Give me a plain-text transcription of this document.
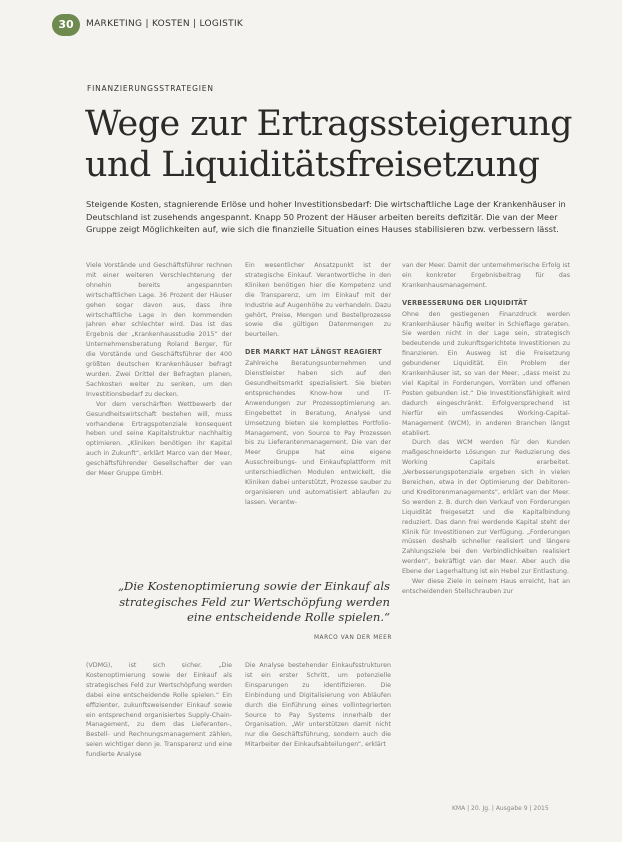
30	MARKETING | KOSTEN | LOGISTIK
FINANZIERUNGSSTRATEGIEN
Wege zur Ertragssteigerung und Liquiditätsfreisetzung
Steigende Kosten, stagnierende Erlöse und hoher Investitionsbedarf: Die wirtschaftliche Lage der Krankenhäuser in Deutschland ist zusehends angespannt. Knapp 50 Prozent der Häuser arbeiten bereits defizitär. Die van der Meer Gruppe zeigt Möglichkeiten auf, wie sich die finanzielle Situation eines Hauses stabilisieren bzw. verbessern lässt.

Viele Vorstände und Geschäftsführer rechnen mit einer weiteren Verschlechterung der ohnehin bereits angespannten wirtschaftlichen Lage. 36 Prozent der Häuser gehen sogar davon aus, dass ihre wirtschaftliche Lage in den kommenden Jahren eher schlechter wird. Das ist das Ergebnis der „Krankenhausstudie 2015“ der Unternehmensberatung Roland Berger, für die Vorstände und Geschäftsführer der 400 größten deutschen Krankenhäuser befragt wurden. Zwei Drittel der Befragten planen, Sachkosten weiter zu senken, um den Investitionsbedarf zu decken.

Vor dem verschärften Wettbewerb der Gesundheitswirtschaft bestehen will, muss vorhandene Ertragspotenziale konsequent heben und seine Kapitalstruktur nachhaltig optimieren. „Kliniken benötigen ihr Kapital auch in Zukunft“, erklärt Marco van der Meer, geschäftsführender Gesellschafter der van der Meer Gruppe GmbH.

Ein wesentlicher Ansatzpunkt ist der strategische Einkauf. Verantwortliche in den Kliniken benötigen hier die Kompetenz und die Transparenz, um im Einkauf mit der Industrie auf Augenhöhe zu verhandeln. Dazu gehört, Preise, Mengen und Bestellprozesse sowie die gültigen Datenmengen zu beurteilen.

DER MARKT HAT LÄNGST REAGIERT

Zahlreiche Beratungsunternehmen und Dienstleister haben sich auf den Gesundheitsmarkt spezialisiert. Sie bieten entsprechendes Know-how und IT-Anwendungen zur Prozessoptimierung an. Eingebettet in Beratung, Analyse und Umsetzung bieten sie komplettes Portfolio-Management, von Source to Pay Prozessen bis zu Lieferantenmanagement. Die van der Meer Gruppe hat eine eigene Ausschreibungs- und Einkaufsplattform mit unterschiedlichen Modulen entwickelt, die Kliniken dabei unterstützt, Prozesse sauber zu organisieren und automatisiert ablaufen zu lassen. Verantw-

van der Meer. Damit der unternehmerische Erfolg ist ein konkreter Ergebnisbeitrag für das Krankenhausmanagement.

VERBESSERUNG DER LIQUIDITÄT

Ohne den gestiegenen Finanzdruck werden Krankenhäuser häufig weiter in Schieflage geraten. Sie werden nicht in der Lage sein, strategisch bedeutende und zukunftsgerichtete Investitionen zu finanzieren. Ein Ausweg ist die Freisetzung gebundener Liquidität. Ein Problem der Krankenhäuser ist, so van der Meer, „dass meist zu viel Kapital in Forderungen, Vorräten und offenen Posten gebunden ist.“ Die Investitionsfähigkeit wird dadurch eingeschränkt. Erfolgversprechend ist hierfür ein umfassendes Working-Capital-Management (WCM), in anderen Branchen längst etabliert.

Durch das WCM werden für den Kunden maßgeschneiderte Lösungen zur Reduzierung des Working Capitals erarbeitet. „Verbesserungspotenziale ergeben sich in vielen Bereichen, etwa in der Optimierung der Debitoren- und Kreditorenmanagements“, erklärt van der Meer. So werden z. B. durch den Verkauf von Forderungen Liquidität freigesetzt und die Kapitalbindung reduziert. Das dann frei werdende Kapital steht der Klinik für Investitionen zur Verfügung. „Forderungen müssen deshalb schneller realisiert und längere Zahlungsziele bei den Verbindlichkeiten realisiert werden“, bekräftigt van der Meer. Aber auch die Ebene der Lagerhaltung ist ein Hebel zur Entlastung.

Wer diese Ziele in seinem Haus erreicht, hat an entscheidenden Stellschrauben zur

„Die Kostenoptimierung sowie der Einkauf als strategisches Feld zur Wertschöpfung werden eine entscheidende Rolle spielen.“
MARCO VAN DER MEER

(VDMG), ist sich sicher. „Die Kostenoptimierung sowie der Einkauf als strategisches Feld zur Wertschöpfung werden dabei eine entscheidende Rolle spielen.“ Ein effizienter, zukunftsweisender Einkauf sowie ein entsprechend organisiertes Supply-Chain-Management, zu dem das Lieferanten-, Bestell- und Rechnungsmanagement zählen, seien wichtiger denn je. Transparenz und eine fundierte Analyse

Die Analyse bestehender Einkaufsstrukturen ist ein erster Schritt, um potenzielle Einsparungen zu identifizieren. Die Einbindung und Digitalisierung von Abläufen durch die Einführung eines vollintegrierten Source to Pay Systems innerhalb der Organisation. „Wir unterstützen damit nicht nur die Geschäftsführung, sondern auch die Mitarbeiter der Einkaufsabteilungen“, erklärt

KMA | 20. Jg. | Ausgabe 9 | 2015
